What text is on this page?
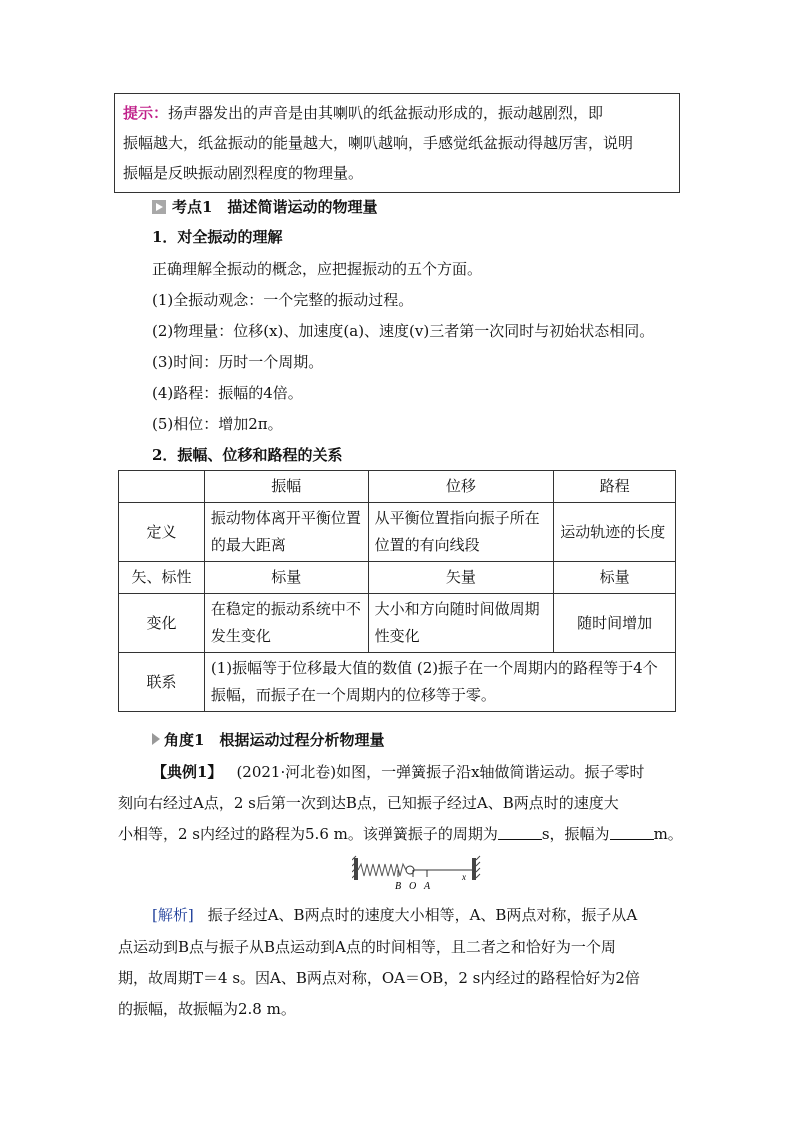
提示：扬声器发出的声音是由其喇叭的纸盆振动形成的，振动越剧烈，即
振幅越大，纸盆振动的能量越大，喇叭越响，手感觉纸盆振动得越厉害，说明
振幅是反映振动剧烈程度的物理量。
考点1　描述简谐运动的物理量
1．对全振动的理解
正确理解全振动的概念，应把握振动的五个方面。
(1)全振动观念：一个完整的振动过程。
(2)物理量：位移(x)、加速度(a)、速度(v)三者第一次同时与初始状态相同。
(3)时间：历时一个周期。
(4)路程：振幅的4倍。
(5)相位：增加2π。
2．振幅、位移和路程的关系
	振幅	位移	路程
定义	振动物体离开平衡位置的最大距离	从平衡位置指向振子所在位置的有向线段	运动轨迹的长度
矢、标性	标量	矢量	标量
变化	在稳定的振动系统中不发生变化	大小和方向随时间做周期性变化	随时间增加
联系	(1)振幅等于位移最大值的数值 (2)振子在一个周期内的路程等于4个振幅，而振子在一个周期内的位移等于零。		
角度1　根据运动过程分析物理量
【典例1】 (2021·河北卷)如图，一弹簧振子沿x轴做简谐运动。振子零时
刻向右经过A点，2 s后第一次到达B点，已知振子经过A、B两点时的速度大
小相等，2 s内经过的路程为5.6 m。该弹簧振子的周期为	s，振幅为	m。
B O A
x
[解析] 振子经过A、B两点时的速度大小相等，A、B两点对称，振子从A
点运动到B点与振子从B点运动到A点的时间相等，且二者之和恰好为一个周
期，故周期T＝4 s。因A、B两点对称，OA＝OB，2 s内经过的路程恰好为2倍
的振幅，故振幅为2.8 m。
